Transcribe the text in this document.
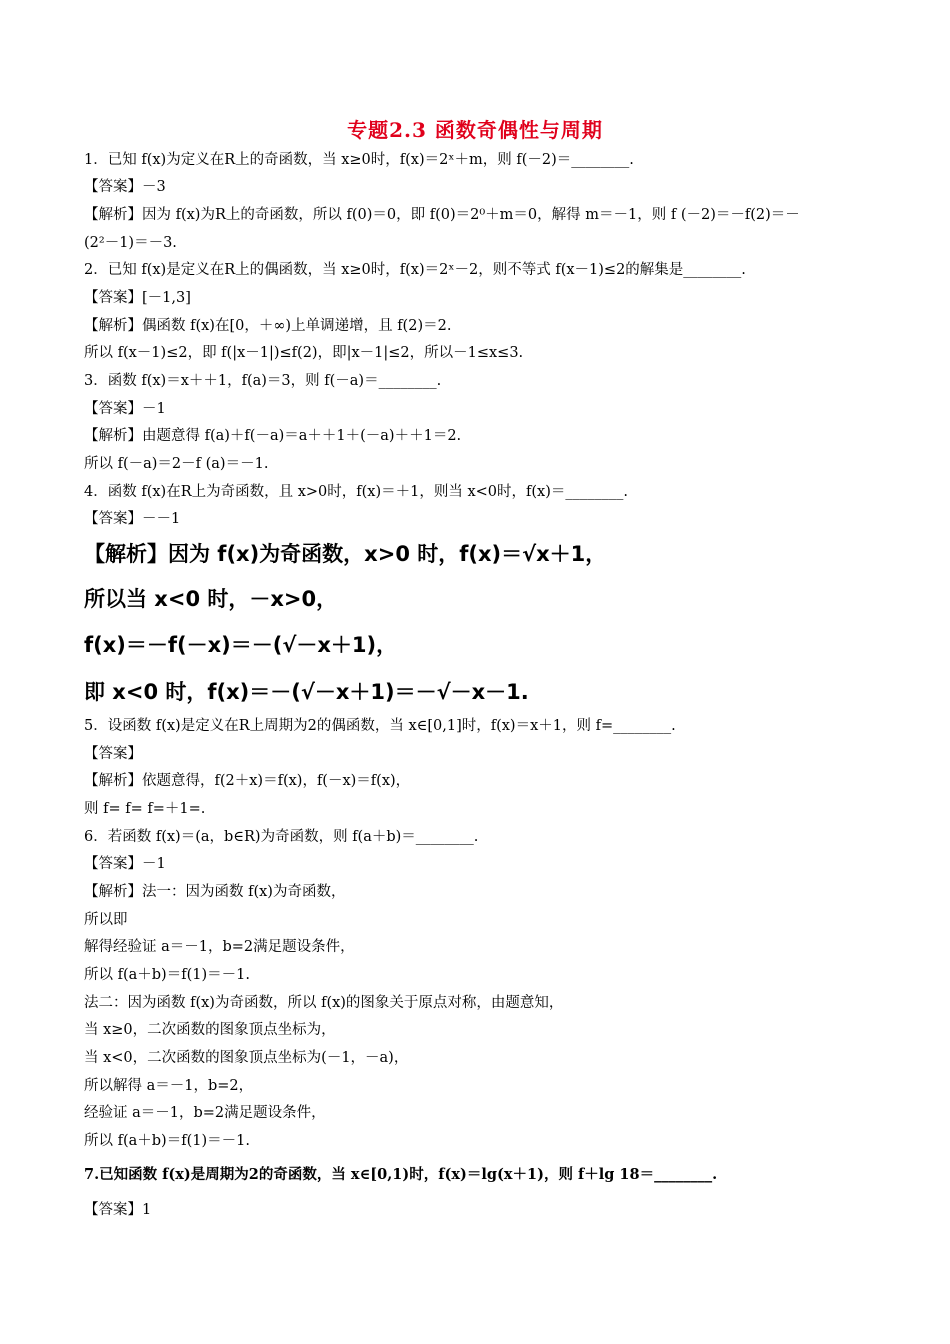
专题2.3 函数奇偶性与周期
1．已知 f(x)为定义在R上的奇函数，当 x≥0时，f(x)＝2ˣ＋m，则 f(－2)＝________.
【答案】－3
【解析】因为 f(x)为R上的奇函数，所以 f(0)＝0，即 f(0)＝2⁰＋m＝0，解得 m＝－1，则 f (－2)＝－f(2)＝－
(2²－1)＝－3.
2．已知 f(x)是定义在R上的偶函数，当 x≥0时，f(x)＝2ˣ－2，则不等式 f(x－1)≤2的解集是________.
【答案】[－1,3]
【解析】偶函数 f(x)在[0，＋∞)上单调递增，且 f(2)＝2.
所以 f(x－1)≤2，即 f(|x－1|)≤f(2)，即|x－1|≤2，所以－1≤x≤3.
3．函数 f(x)＝x＋＋1，f(a)＝3，则 f(－a)＝________.
【答案】－1
【解析】由题意得 f(a)＋f(－a)＝a＋＋1＋(－a)＋＋1＝2.
所以 f(－a)＝2－f (a)＝－1.
4．函数 f(x)在R上为奇函数，且 x>0时，f(x)＝＋1，则当 x<0时，f(x)＝________.
【答案】－－1
【解析】因为 f(x)为奇函数，x>0 时，f(x)＝√x＋1，
所以当 x<0 时，－x>0，
f(x)＝－f(－x)＝－(√－x＋1)，
即 x<0 时，f(x)＝－(√－x＋1)＝－√－x－1.
5．设函数 f(x)是定义在R上周期为2的偶函数，当 x∈[0,1]时，f(x)＝x＋1，则 f=________.
【答案】
【解析】依题意得，f(2＋x)＝f(x)，f(－x)＝f(x)，
则 f= f= f=＋1=.
6．若函数 f(x)＝(a，b∈R)为奇函数，则 f(a＋b)＝________.
【答案】－1
【解析】法一：因为函数 f(x)为奇函数，
所以即
解得经验证 a＝－1，b=2满足题设条件，
所以 f(a＋b)＝f(1)＝－1.
法二：因为函数 f(x)为奇函数，所以 f(x)的图象关于原点对称，由题意知，
当 x≥0，二次函数的图象顶点坐标为，
当 x<0，二次函数的图象顶点坐标为(－1，－a)，
所以解得 a＝－1，b=2，
经验证 a＝－1，b=2满足题设条件，
所以 f(a＋b)＝f(1)＝－1.
7.已知函数 f(x)是周期为2的奇函数，当 x∈[0,1)时，f(x)＝lg(x＋1)，则 f＋lg 18＝________.
【答案】1
